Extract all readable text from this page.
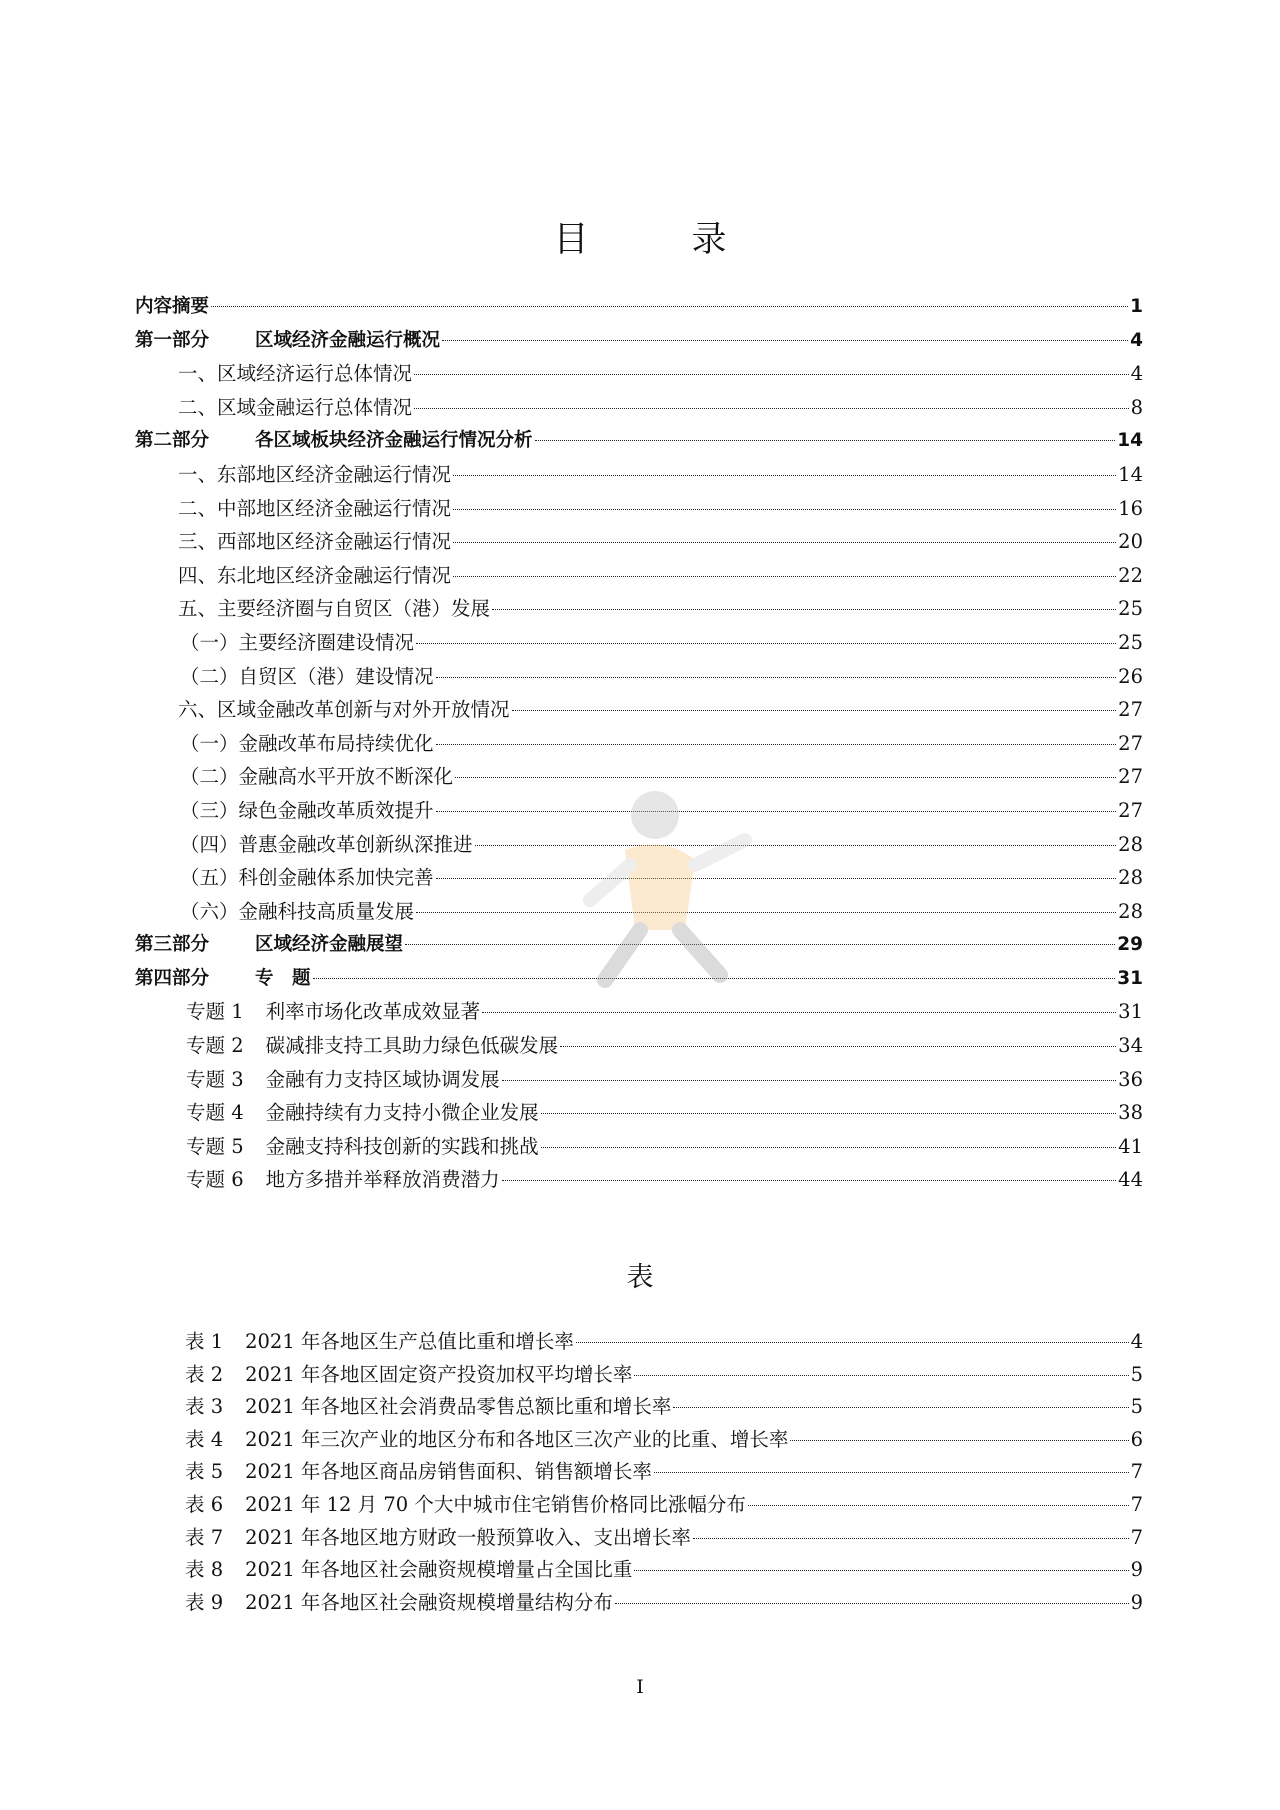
目　录
内容摘要	1
第一部分 区域经济金融运行概况	4
一、区域经济运行总体情况	4
二、区域金融运行总体情况	8
第二部分 各区域板块经济金融运行情况分析	14
一、东部地区经济金融运行情况	14
二、中部地区经济金融运行情况	16
三、西部地区经济金融运行情况	20
四、东北地区经济金融运行情况	22
五、主要经济圈与自贸区（港）发展	25
（一）主要经济圈建设情况	25
（二）自贸区（港）建设情况	26
六、区域金融改革创新与对外开放情况	27
（一）金融改革布局持续优化	27
（二）金融高水平开放不断深化	27
（三）绿色金融改革质效提升	27
（四）普惠金融改革创新纵深推进	28
（五）科创金融体系加快完善	28
（六）金融科技高质量发展	28
第三部分 区域经济金融展望	29
第四部分 专　题	31
专题 1 利率市场化改革成效显著	31
专题 2 碳减排支持工具助力绿色低碳发展	34
专题 3 金融有力支持区域协调发展	36
专题 4 金融持续有力支持小微企业发展	38
专题 5 金融支持科技创新的实践和挑战	41
专题 6 地方多措并举释放消费潜力	44
表
表 1 2021 年各地区生产总值比重和增长率	4
表 2 2021 年各地区固定资产投资加权平均增长率	5
表 3 2021 年各地区社会消费品零售总额比重和增长率	5
表 4 2021 年三次产业的地区分布和各地区三次产业的比重、增长率	6
表 5 2021 年各地区商品房销售面积、销售额增长率	7
表 6 2021 年 12 月 70 个大中城市住宅销售价格同比涨幅分布	7
表 7 2021 年各地区地方财政一般预算收入、支出增长率	7
表 8 2021 年各地区社会融资规模增量占全国比重	9
表 9 2021 年各地区社会融资规模增量结构分布	9
I
